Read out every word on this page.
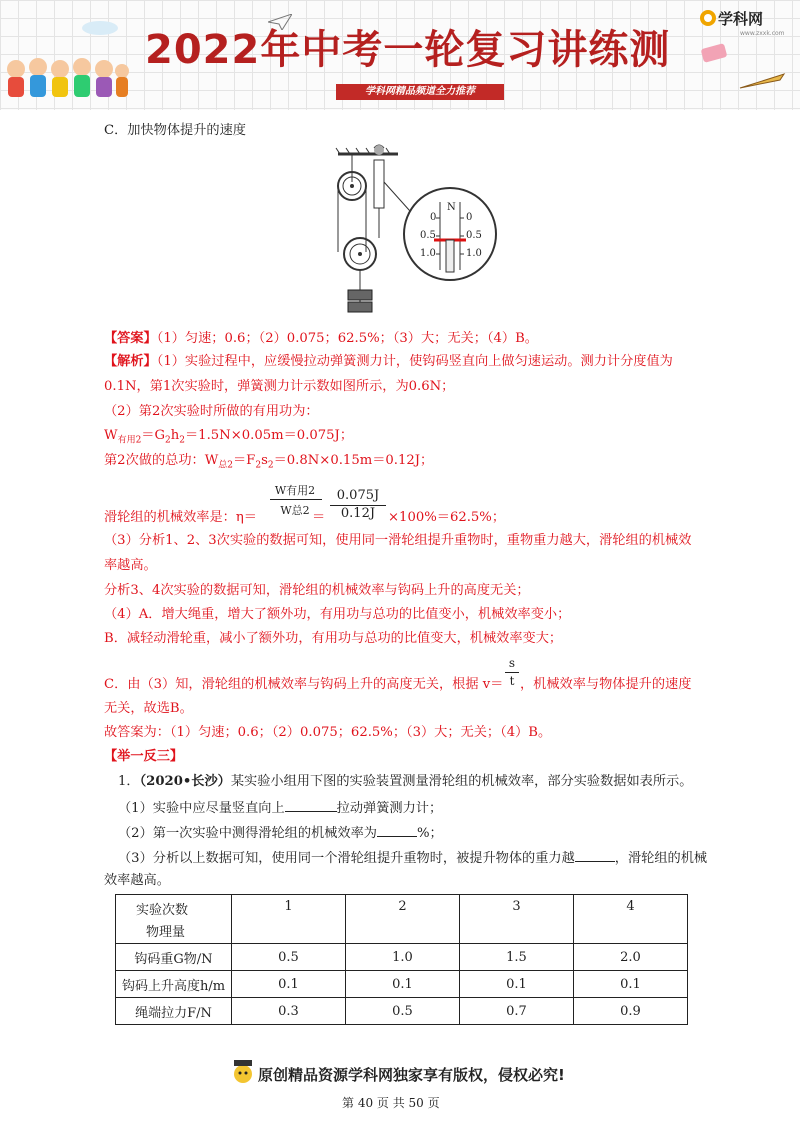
2022年中考一轮复习讲练测
学科网精品频道全力推荐
学科网
www.zxxk.com
C．加快物体提升的速度
N
0
0.5
1.0
0
0.5
1.0
【答案】（1）匀速；0.6；（2）0.075；62.5%；（3）大；无关；（4）B。
【解析】（1）实验过程中，应缓慢拉动弹簧测力计，使钩码竖直向上做匀速运动。测力计分度值为
0.1N，第1次实验时，弹簧测力计示数如图所示，为0.6N；
（2）第2次实验时所做的有用功为：
$W_{有用2}=G_2h_2=1.5N\times 0.05m=0.075J$；
第2次做的总功：$W_{总2}=F_2s_2=0.8N\times 0.15m=0.12J$；
滑轮组的机械效率是：η＝
W有用2
W总2 ＝
0.075J
0.12J ×100%＝62.5%；
（3）分析1、2、3次实验的数据可知，使用同一滑轮组提升重物时，重物重力越大，滑轮组的机械效
率越高。
分析3、4次实验的数据可知，滑轮组的机械效率与钩码上升的高度无关；
（4）A．增大绳重，增大了额外功，有用功与总功的比值变小，机械效率变小；
B．减轻动滑轮重，减小了额外功，有用功与总功的比值变大，机械效率变大；
C．由（3）知，滑轮组的机械效率与钩码上升的高度无关，根据 v＝
s
t ，机械效率与物体提升的速度
无关，故选B。
故答案为：（1）匀速；0.6；（2）0.075；62.5%；（3）大；无关；（4）B。
【举一反三】
1．（2020•长沙）某实验小组用下图的实验装置测量滑轮组的机械效率，部分实验数据如表所示。
（1）实验中应尽量竖直向上	拉动弹簧测力计；
（2）第一次实验中测得滑轮组的机械效率为	%；
（3）分析以上数据可知，使用同一个滑轮组提升重物时，被提升物体的重力越	，滑轮组的机械
效率越高。
实验次数
物理量	1	2	3	4
钩码重G物/N	0.5	1.0	1.5	2.0
钩码上升高度h/m	0.1	0.1	0.1	0.1
绳端拉力F/N	0.3	0.5	0.7	0.9
原创精品资源学科网独家享有版权，侵权必究!
第 40 页 共 50 页
